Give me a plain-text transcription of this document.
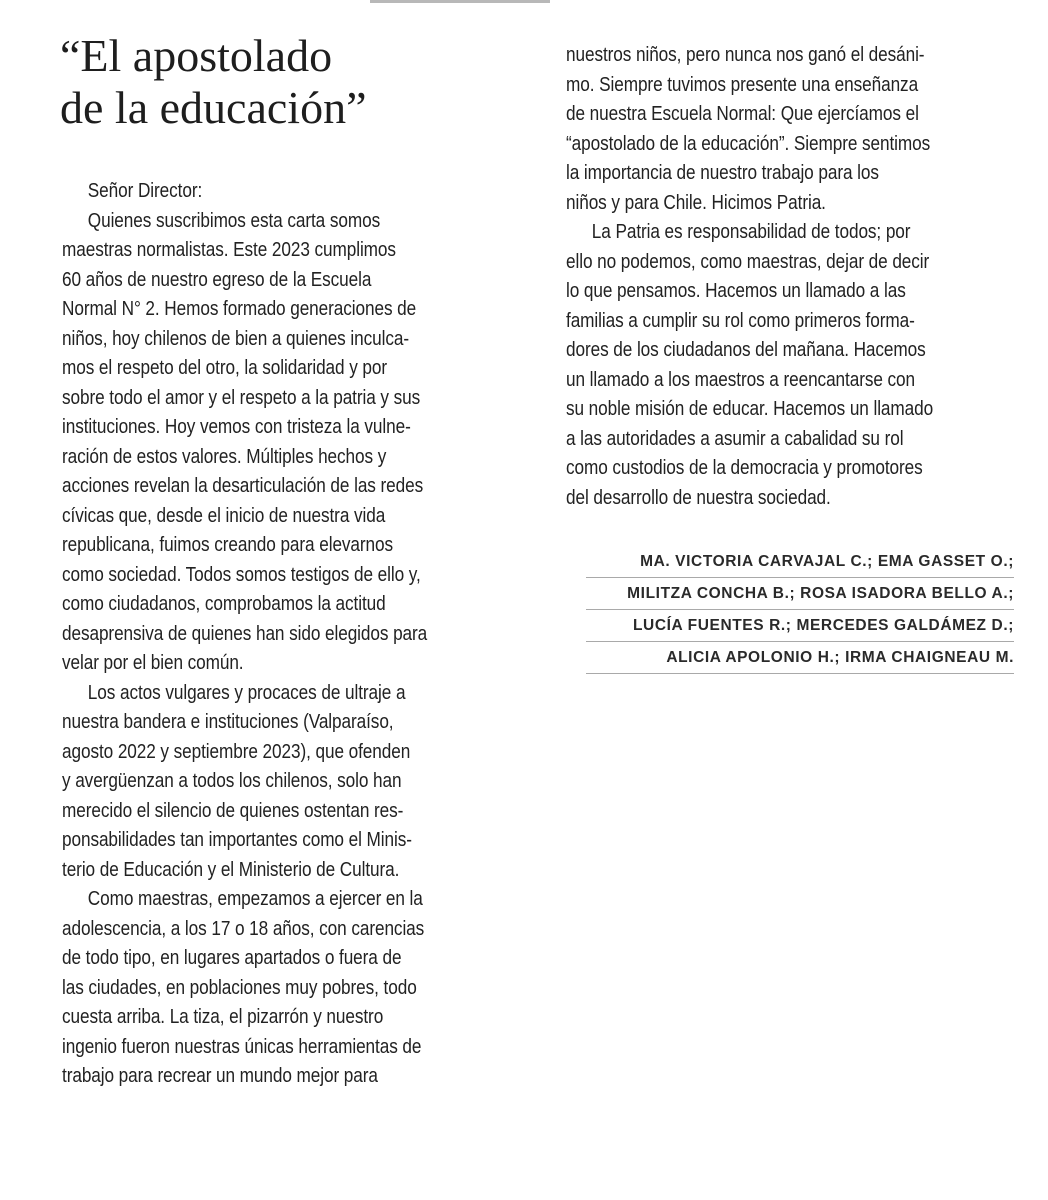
“El apostolado
de la educación”
Señor Director:
Quienes suscribimos esta carta somos
maestras normalistas. Este 2023 cumplimos
60 años de nuestro egreso de la Escuela
Normal N° 2. Hemos formado generaciones de
niños, hoy chilenos de bien a quienes inculca-
mos el respeto del otro, la solidaridad y por
sobre todo el amor y el respeto a la patria y sus
instituciones. Hoy vemos con tristeza la vulne-
ración de estos valores. Múltiples hechos y
acciones revelan la desarticulación de las redes
cívicas que, desde el inicio de nuestra vida
republicana, fuimos creando para elevarnos
como sociedad. Todos somos testigos de ello y,
como ciudadanos, comprobamos la actitud
desaprensiva de quienes han sido elegidos para
velar por el bien común.
Los actos vulgares y procaces de ultraje a
nuestra bandera e instituciones (Valparaíso,
agosto 2022 y septiembre 2023), que ofenden
y avergüenzan a todos los chilenos, solo han
merecido el silencio de quienes ostentan res-
ponsabilidades tan importantes como el Minis-
terio de Educación y el Ministerio de Cultura.
Como maestras, empezamos a ejercer en la
adolescencia, a los 17 o 18 años, con carencias
de todo tipo, en lugares apartados o fuera de
las ciudades, en poblaciones muy pobres, todo
cuesta arriba. La tiza, el pizarrón y nuestro
ingenio fueron nuestras únicas herramientas de
trabajo para recrear un mundo mejor para
nuestros niños, pero nunca nos ganó el desáni-
mo. Siempre tuvimos presente una enseñanza
de nuestra Escuela Normal: Que ejercíamos el
“apostolado de la educación”. Siempre sentimos
la importancia de nuestro trabajo para los
niños y para Chile. Hicimos Patria.
La Patria es responsabilidad de todos; por
ello no podemos, como maestras, dejar de decir
lo que pensamos. Hacemos un llamado a las
familias a cumplir su rol como primeros forma-
dores de los ciudadanos del mañana. Hacemos
un llamado a los maestros a reencantarse con
su noble misión de educar. Hacemos un llamado
a las autoridades a asumir a cabalidad su rol
como custodios de la democracia y promotores
del desarrollo de nuestra sociedad.
MA. VICTORIA CARVAJAL C.; EMA GASSET O.;
MILITZA CONCHA B.; ROSA ISADORA BELLO A.;
LUCÍA FUENTES R.; MERCEDES GALDÁMEZ D.;
ALICIA APOLONIO H.; IRMA CHAIGNEAU M.
